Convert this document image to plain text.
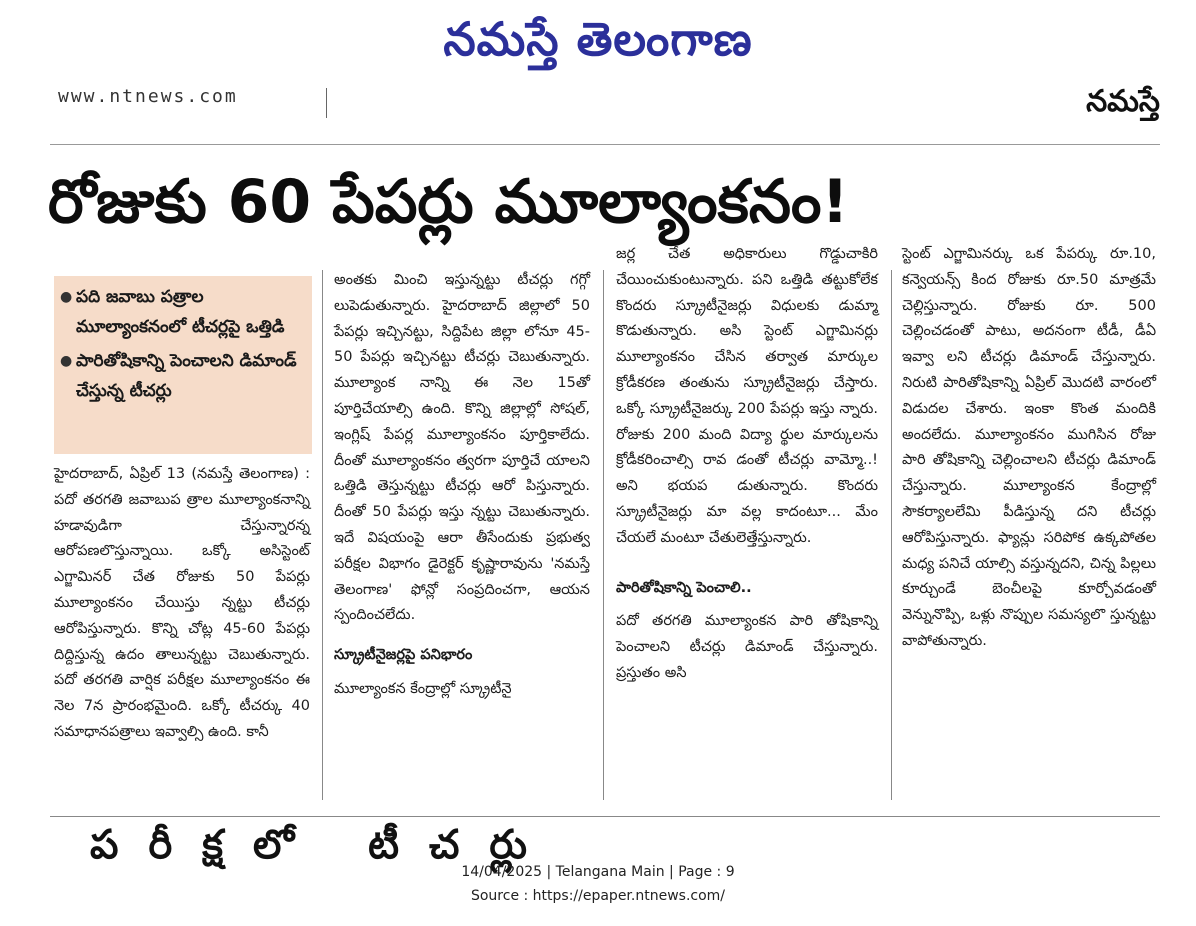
నమస్తే తెలంగాణ
www.ntnews.com	నమస్తే
రోజుకు 60 పేపర్లు మూల్యాంకనం!
● పది జవాబు పత్రాల మూల్యాంకనంలో టీచర్లపై ఒత్తిడి
● పారితోషికాన్ని పెంచాలని డిమాండ్ చేస్తున్న టీచర్లు

హైదరాబాద్, ఏప్రిల్ 13 (నమస్తే తెలంగాణ) : పదో తరగతి జవాబుప త్రాల మూల్యాంకనాన్ని హడావుడిగా చేస్తున్నారన్న ఆరోపణలొస్తున్నాయి. ఒక్కో అసిస్టెంట్ ఎగ్జామినర్ చేత రోజుకు 50 పేపర్లు మూల్యాంకనం చేయిస్తు న్నట్టు టీచర్లు ఆరోపిస్తున్నారు. కొన్ని చోట్ల 45-60 పేపర్లు దిద్దిస్తున్న ఉదం తాలున్నట్టు చెబుతున్నారు. పదో తరగతి వార్షిక పరీక్షల మూల్యాంకనం ఈ నెల 7న ప్రారంభమైంది. ఒక్కో టీచర్కు 40 సమాధానపత్రాలు ఇవ్వాల్సి ఉంది. కానీ

అంతకు మించి ఇస్తున్నట్టు టీచర్లు గగ్గో లుపెడుతున్నారు. హైదరాబాద్ జిల్లాలో 50 పేపర్లు ఇచ్చినట్టు, సిద్దిపేట జిల్లా లోనూ 45-50 పేపర్లు ఇచ్చినట్టు టీచర్లు చెబుతున్నారు. మూల్యాంక నాన్ని ఈ నెల 15తో పూర్తిచేయాల్సి ఉంది. కొన్ని జిల్లాల్లో సోషల్, ఇంగ్లిష్ పేపర్ల మూల్యాంకనం పూర్తికాలేదు. దీంతో మూల్యాంకనం త్వరగా పూర్తిచే యాలని ఒత్తిడి తెస్తున్నట్టు టీచర్లు ఆరో పిస్తున్నారు. దీంతో 50 పేపర్లు ఇస్తు న్నట్టు చెబుతున్నారు. ఇదే విషయంపై ఆరా తీసేందుకు ప్రభుత్వ పరీక్షల విభాగం డైరెక్టర్ కృష్ణారావును 'నమస్తే తెలంగాణ' ఫోన్లో సంప్రదించగా, ఆయన స్పందించలేదు.

స్క్రూటీనైజర్లపై పనిభారం

మూల్యాంకన కేంద్రాల్లో స్క్రూటీనై

జర్ల చేత అధికారులు గొడ్డుచాకిరి చేయించుకుంటున్నారు. పని ఒత్తిడి తట్టుకోలేక కొందరు స్క్రూటీనైజర్లు విధులకు డుమ్మా కొడుతున్నారు. అసి స్టెంట్ ఎగ్జామినర్లు మూల్యాంకనం చేసిన తర్వాత మార్కుల క్రోడీకరణ తంతును స్క్రూటీనైజర్లు చేస్తారు. ఒక్కో స్క్రూటీనైజర్కు 200 పేపర్లు ఇస్తు న్నారు. రోజుకు 200 మంది విద్యా ర్థుల మార్కులను క్రోడీకరించాల్సి రావ డంతో టీచర్లు వామ్మో..! అని భయప డుతున్నారు. కొందరు స్క్రూటీనైజర్లు మా వల్ల కాదంటూ... మేం చేయలే మంటూ చేతులెత్తేస్తున్నారు.

పారితోషికాన్ని పెంచాలి..

పదో తరగతి మూల్యాంకన పారి తోషికాన్ని పెంచాలని టీచర్లు డిమాండ్ చేస్తున్నారు. ప్రస్తుతం అసి

స్టెంట్ ఎగ్జామినర్కు ఒక పేపర్కు రూ.10, కన్వెయన్స్ కింద రోజుకు రూ.50 మాత్రమే చెల్లిస్తున్నారు. రోజుకు రూ. 500 చెల్లించడంతో పాటు, అదనంగా టీడీ, డీఏ ఇవ్వా లని టీచర్లు డిమాండ్ చేస్తున్నారు. నిరుటి పారితోషికాన్ని ఏప్రిల్ మొదటి వారంలో విడుదల చేశారు. ఇంకా కొంత మందికి అందలేదు. మూల్యాంకనం ముగిసిన రోజు పారి తోషికాన్ని చెల్లించాలని టీచర్లు డిమాండ్ చేస్తున్నారు. మూల్యాంకన కేంద్రాల్లో సౌకర్యాలలేమి పీడిస్తున్న దని టీచర్లు ఆరోపిస్తున్నారు. ఫ్యాన్లు సరిపోక ఉక్కపోతల మధ్య పనిచే యాల్సి వస్తున్నదని, చిన్న పిల్లలు కూర్చుండే బెంచీలపై కూర్చోవడంతో వెన్నునొప్పి, ఒళ్లు నొప్పుల సమస్యలొ స్తున్నట్టు వాపోతున్నారు.

పరీక్షలో టీచర్లు
14/04/2025 | Telangana Main | Page : 9
Source : https://epaper.ntnews.com/
